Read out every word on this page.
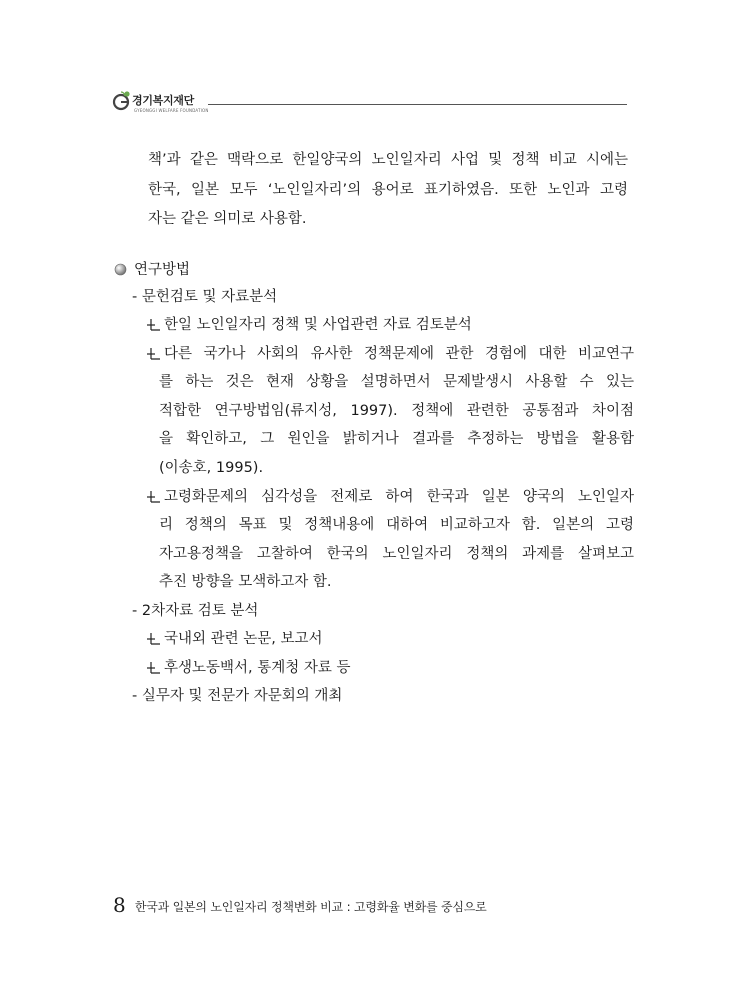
경기복지재단
GYEONGGI WELFARE FOUNDATION
책’과 같은 맥락으로 한일양국의 노인일자리 사업 및 정책 비교 시에는
한국, 일본 모두 ‘노인일자리’의 용어로 표기하였음. 또한 노인과 고령
자는 같은 의미로 사용함.
연구방법
- 문헌검토 및 자료분석
한일 노인일자리 정책 및 사업관련 자료 검토분석
다른 국가나 사회의 유사한 정책문제에 관한 경험에 대한 비교연구
를 하는 것은 현재 상황을 설명하면서 문제발생시 사용할 수 있는
적합한 연구방법임(류지성, 1997). 정책에 관련한 공통점과 차이점
을 확인하고, 그 원인을 밝히거나 결과를 추정하는 방법을 활용함
(이송호, 1995).
고령화문제의 심각성을 전제로 하여 한국과 일본 양국의 노인일자
리 정책의 목표 및 정책내용에 대하여 비교하고자 함. 일본의 고령
자고용정책을 고찰하여 한국의 노인일자리 정책의 과제를 살펴보고
추진 방향을 모색하고자 함.
- 2차자료 검토 분석
국내외 관련 논문, 보고서
후생노동백서, 통계청 자료 등
- 실무자 및 전문가 자문회의 개최
8 한국과 일본의 노인일자리 정책변화 비교 : 고령화율 변화를 중심으로
